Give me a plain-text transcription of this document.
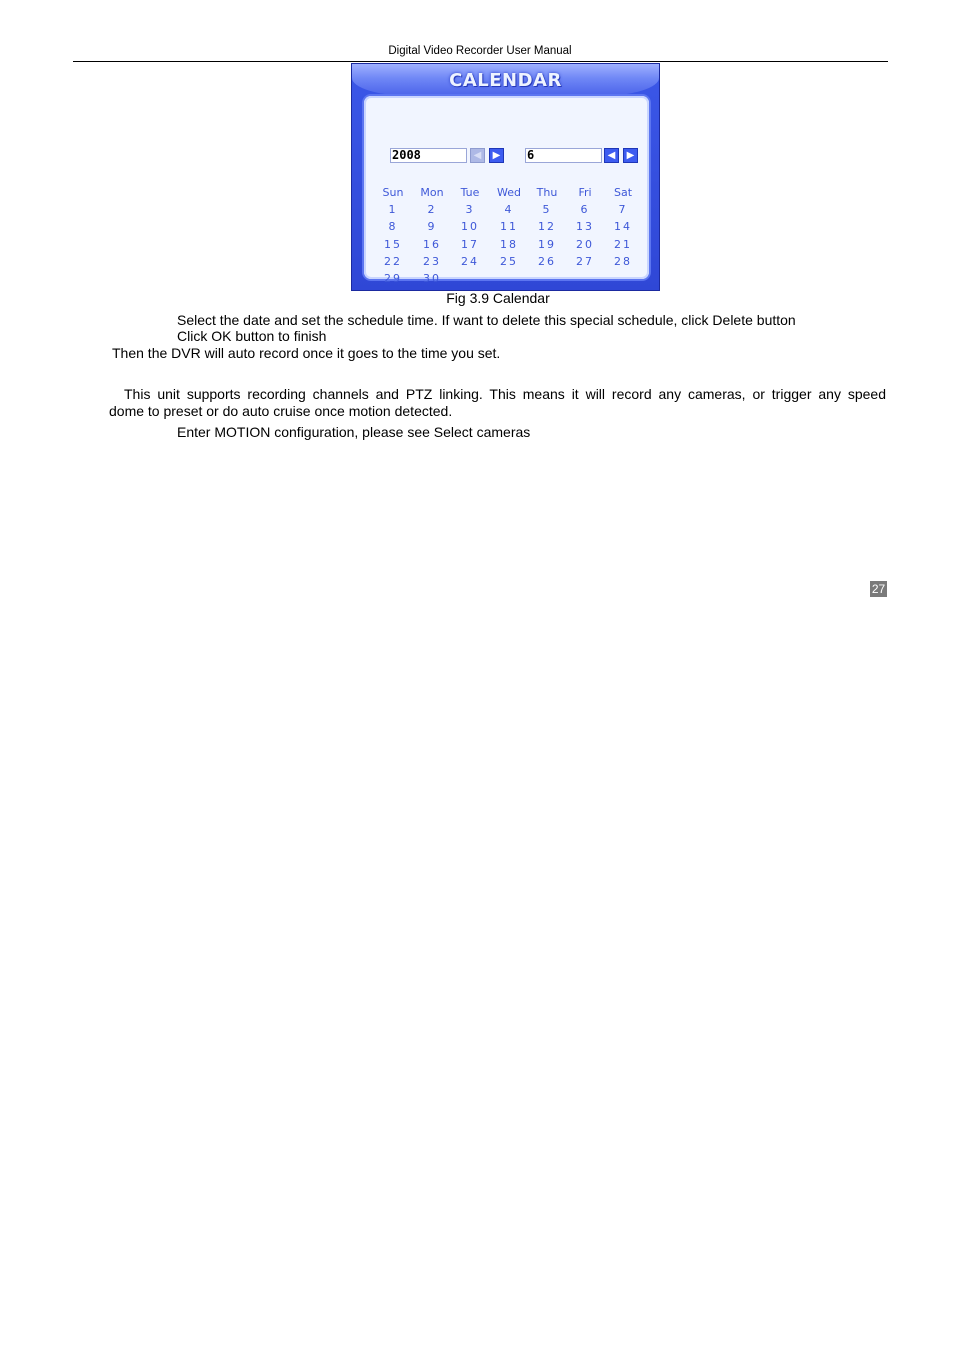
Digital Video Recorder User Manual
CALENDAR
2008	◀	▶	6	◀	▶
Sun	Mon	Tue	Wed	Thu	Fri	Sat
1	2	3	4	5	6	7
8	9	10	11	12	13	14
15	16	17	18	19	20	21
22	23	24	25	26	27	28
29	30
Fig 3.9 Calendar
Select the date and set the schedule time. If want to delete this special schedule, click Delete button
Click OK button to finish
Then the DVR will auto record once it goes to the time you set.
This unit supports recording channels and PTZ linking. This means it will record any cameras, or trigger any speed
dome to preset or do auto cruise once motion detected.
Enter MOTION configuration, please see Select cameras
27
